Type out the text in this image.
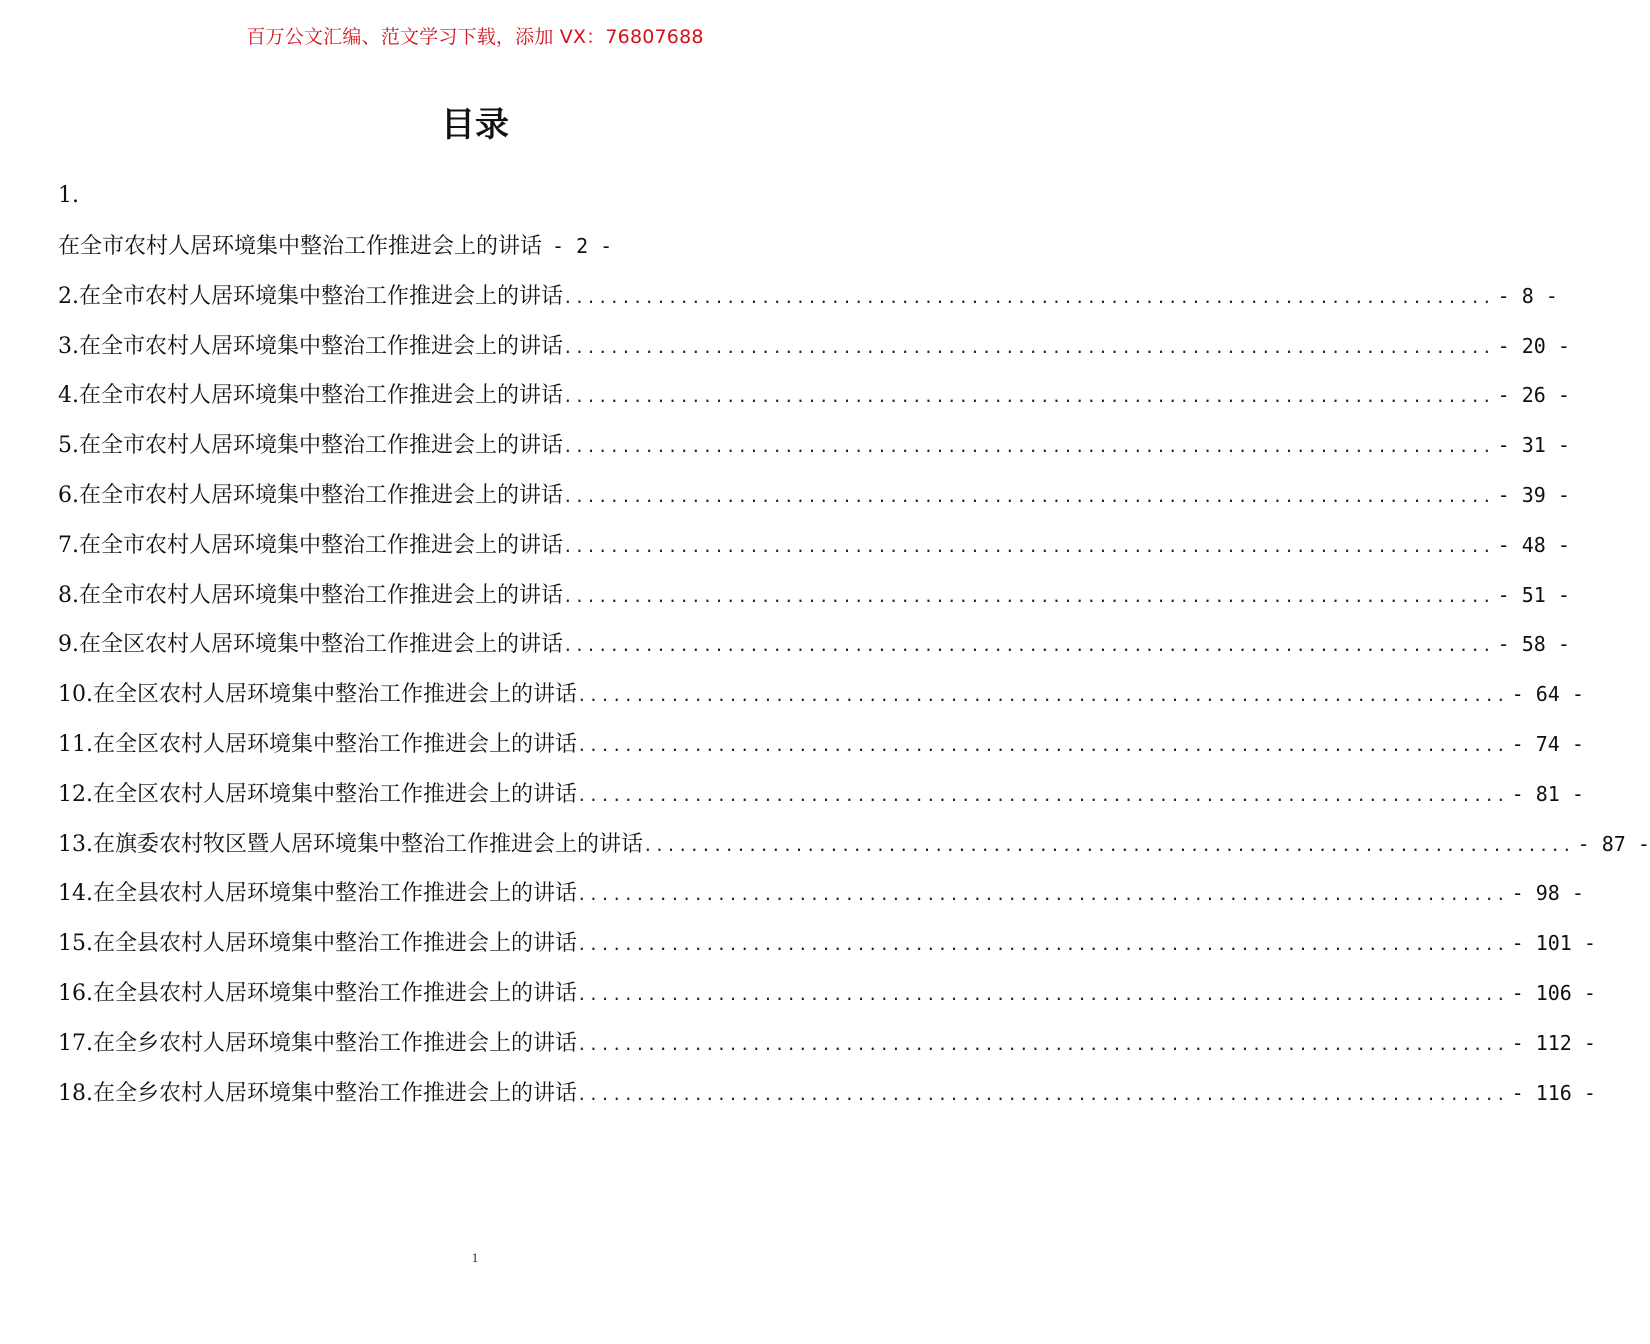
百万公文汇编、范文学习下载，添加 VX：76807688
目录
1.
在全市农村人居环境集中整治工作推进会上的讲话 - 2 -
2.在全市农村人居环境集中整治工作推进会上的讲话 ................................................................................ - 8 -
3.在全市农村人居环境集中整治工作推进会上的讲话 ................................................................................ - 20 -
4.在全市农村人居环境集中整治工作推进会上的讲话 ................................................................................ - 26 -
5.在全市农村人居环境集中整治工作推进会上的讲话 ................................................................................ - 31 -
6.在全市农村人居环境集中整治工作推进会上的讲话 ................................................................................ - 39 -
7.在全市农村人居环境集中整治工作推进会上的讲话 ................................................................................ - 48 -
8.在全市农村人居环境集中整治工作推进会上的讲话 ................................................................................ - 51 -
9.在全区农村人居环境集中整治工作推进会上的讲话 ................................................................................ - 58 -
10.在全区农村人居环境集中整治工作推进会上的讲话 ................................................................................ - 64 -
11.在全区农村人居环境集中整治工作推进会上的讲话 ................................................................................ - 74 -
12.在全区农村人居环境集中整治工作推进会上的讲话 ................................................................................ - 81 -
13.在旗委农村牧区暨人居环境集中整治工作推进会上的讲话 ................................................................................ - 87 -
14.在全县农村人居环境集中整治工作推进会上的讲话 ................................................................................ - 98 -
15.在全县农村人居环境集中整治工作推进会上的讲话 ................................................................................ - 101 -
16.在全县农村人居环境集中整治工作推进会上的讲话 ................................................................................ - 106 -
17.在全乡农村人居环境集中整治工作推进会上的讲话 ................................................................................ - 112 -
18.在全乡农村人居环境集中整治工作推进会上的讲话 ................................................................................ - 116 -
1
